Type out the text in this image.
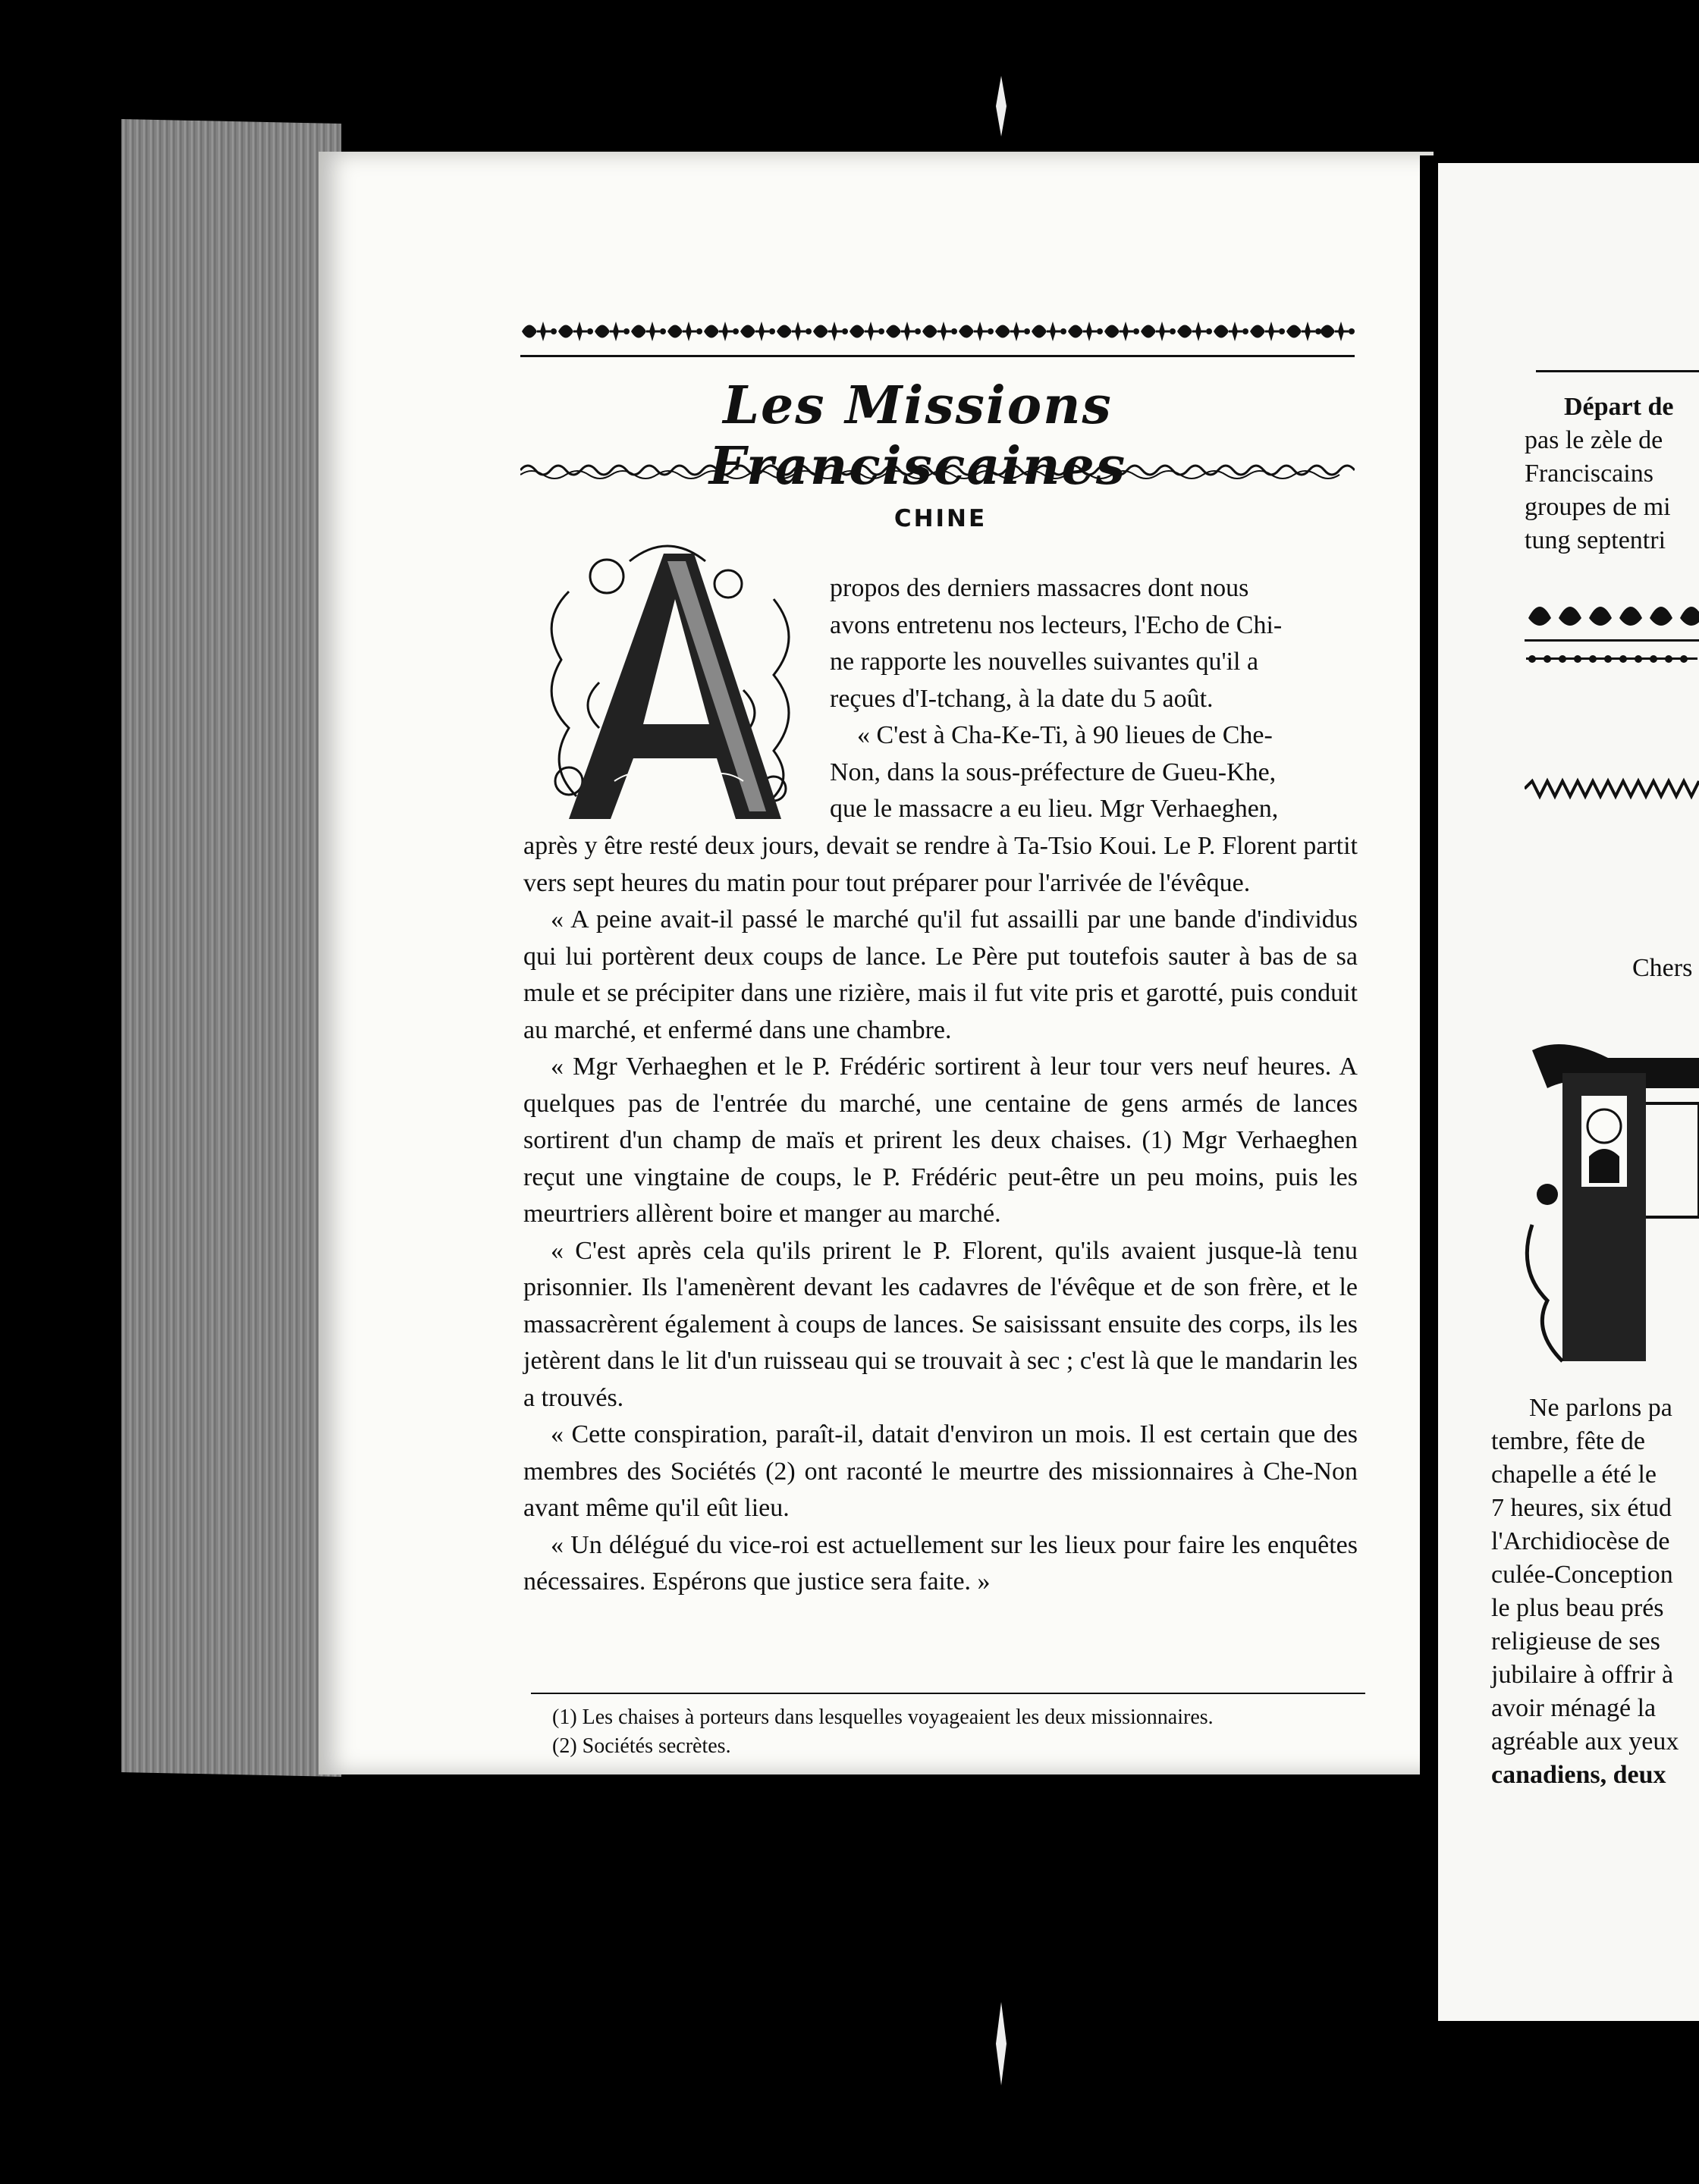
Les Missions Franciscaines
CHINE

propos des derniers massacres dont nous

avons entretenu nos lecteurs, l'Echo de Chi-

ne rapporte les nouvelles suivantes qu'il a

reçues d'I-tchang, à la date du 5 août.

« C'est à Cha-Ke-Ti, à 90 lieues de Che-

Non, dans la sous-préfecture de Gueu-Khe,

que le massacre a eu lieu. Mgr Verhaeghen,

après y être resté deux jours, devait se rendre à Ta-Tsio Koui. Le P. Florent partit vers sept heures du matin pour tout préparer pour l'arrivée de l'évêque.

« A peine avait-il passé le marché qu'il fut assailli par une bande d'individus qui lui portèrent deux coups de lance. Le Père put toutefois sauter à bas de sa mule et se précipiter dans une rizière, mais il fut vite pris et garotté, puis conduit au marché, et enfermé dans une chambre.

« Mgr Verhaeghen et le P. Frédéric sortirent à leur tour vers neuf heures. A quelques pas de l'entrée du marché, une centaine de gens armés de lances sortirent d'un champ de maïs et prirent les deux chaises. (1) Mgr Verhaeghen reçut une vingtaine de coups, le P. Frédéric peut-être un peu moins, puis les meurtriers allèrent boire et manger au marché.

« C'est après cela qu'ils prirent le P. Florent, qu'ils avaient jusque-là tenu prisonnier. Ils l'amenèrent devant les cadavres de l'évêque et de son frère, et le massacrèrent également à coups de lances. Se saisissant ensuite des corps, ils les jetèrent dans le lit d'un ruisseau qui se trouvait à sec ; c'est là que le mandarin les a trouvés.

« Cette conspiration, paraît-il, datait d'environ un mois. Il est certain que des membres des Sociétés (2) ont raconté le meurtre des missionnaires à Che-Non avant même qu'il eût lieu.

« Un délégué du vice-roi est actuellement sur les lieux pour faire les enquêtes nécessaires. Espérons que justice sera faite. »

(1) Les chaises à porteurs dans lesquelles voyageaient les deux missionnaires.

(2) Sociétés secrètes.

Départ de
pas le zèle de
Franciscains
groupes de mi
tung septentri
Chers
Ne parlons pa
tembre, fête de
chapelle a été le
7 heures, six étud
l'Archidiocèse de
culée-Conception
le plus beau prés
religieuse de ses
jubilaire à offrir à
avoir ménagé la
agréable aux yeux
canadiens, deux
